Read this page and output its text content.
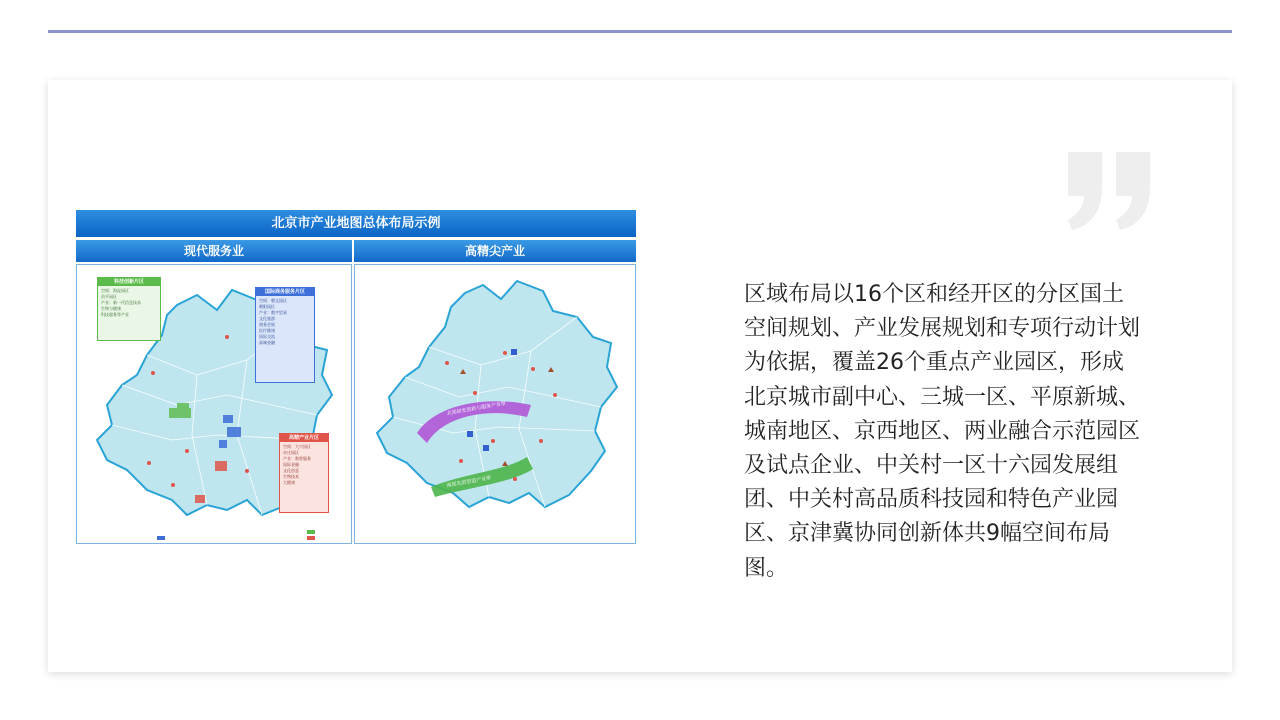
北京市产业地图总体布局示例
现代服务业	高精尖产业
科技创新片区
空间：海淀园区
昌平园区
产业：新一代信息技术
生物与健康
科技服务等产业
国际商务服务片区
空间：朝文园区
朝阳园区
产业：数字贸易
文化旅游
商务会展
医疗健康
国际交流
高端金融
高精产业片区
空间：大兴园区
亦庄园区
产业：数智服务
国际金融
文化创意
生物技术
大健康
北部研发创新与服务产业带
南部先进智造产业带
区域布局以16个区和经开区的分区国土空间规划、产业发展规划和专项行动计划为依据，覆盖26个重点产业园区，形成北京城市副中心、三城一区、平原新城、城南地区、京西地区、两业融合示范园区及试点企业、中关村一区十六园发展组团、中关村高品质科技园和特色产业园区、京津冀协同创新体共9幅空间布局图。
